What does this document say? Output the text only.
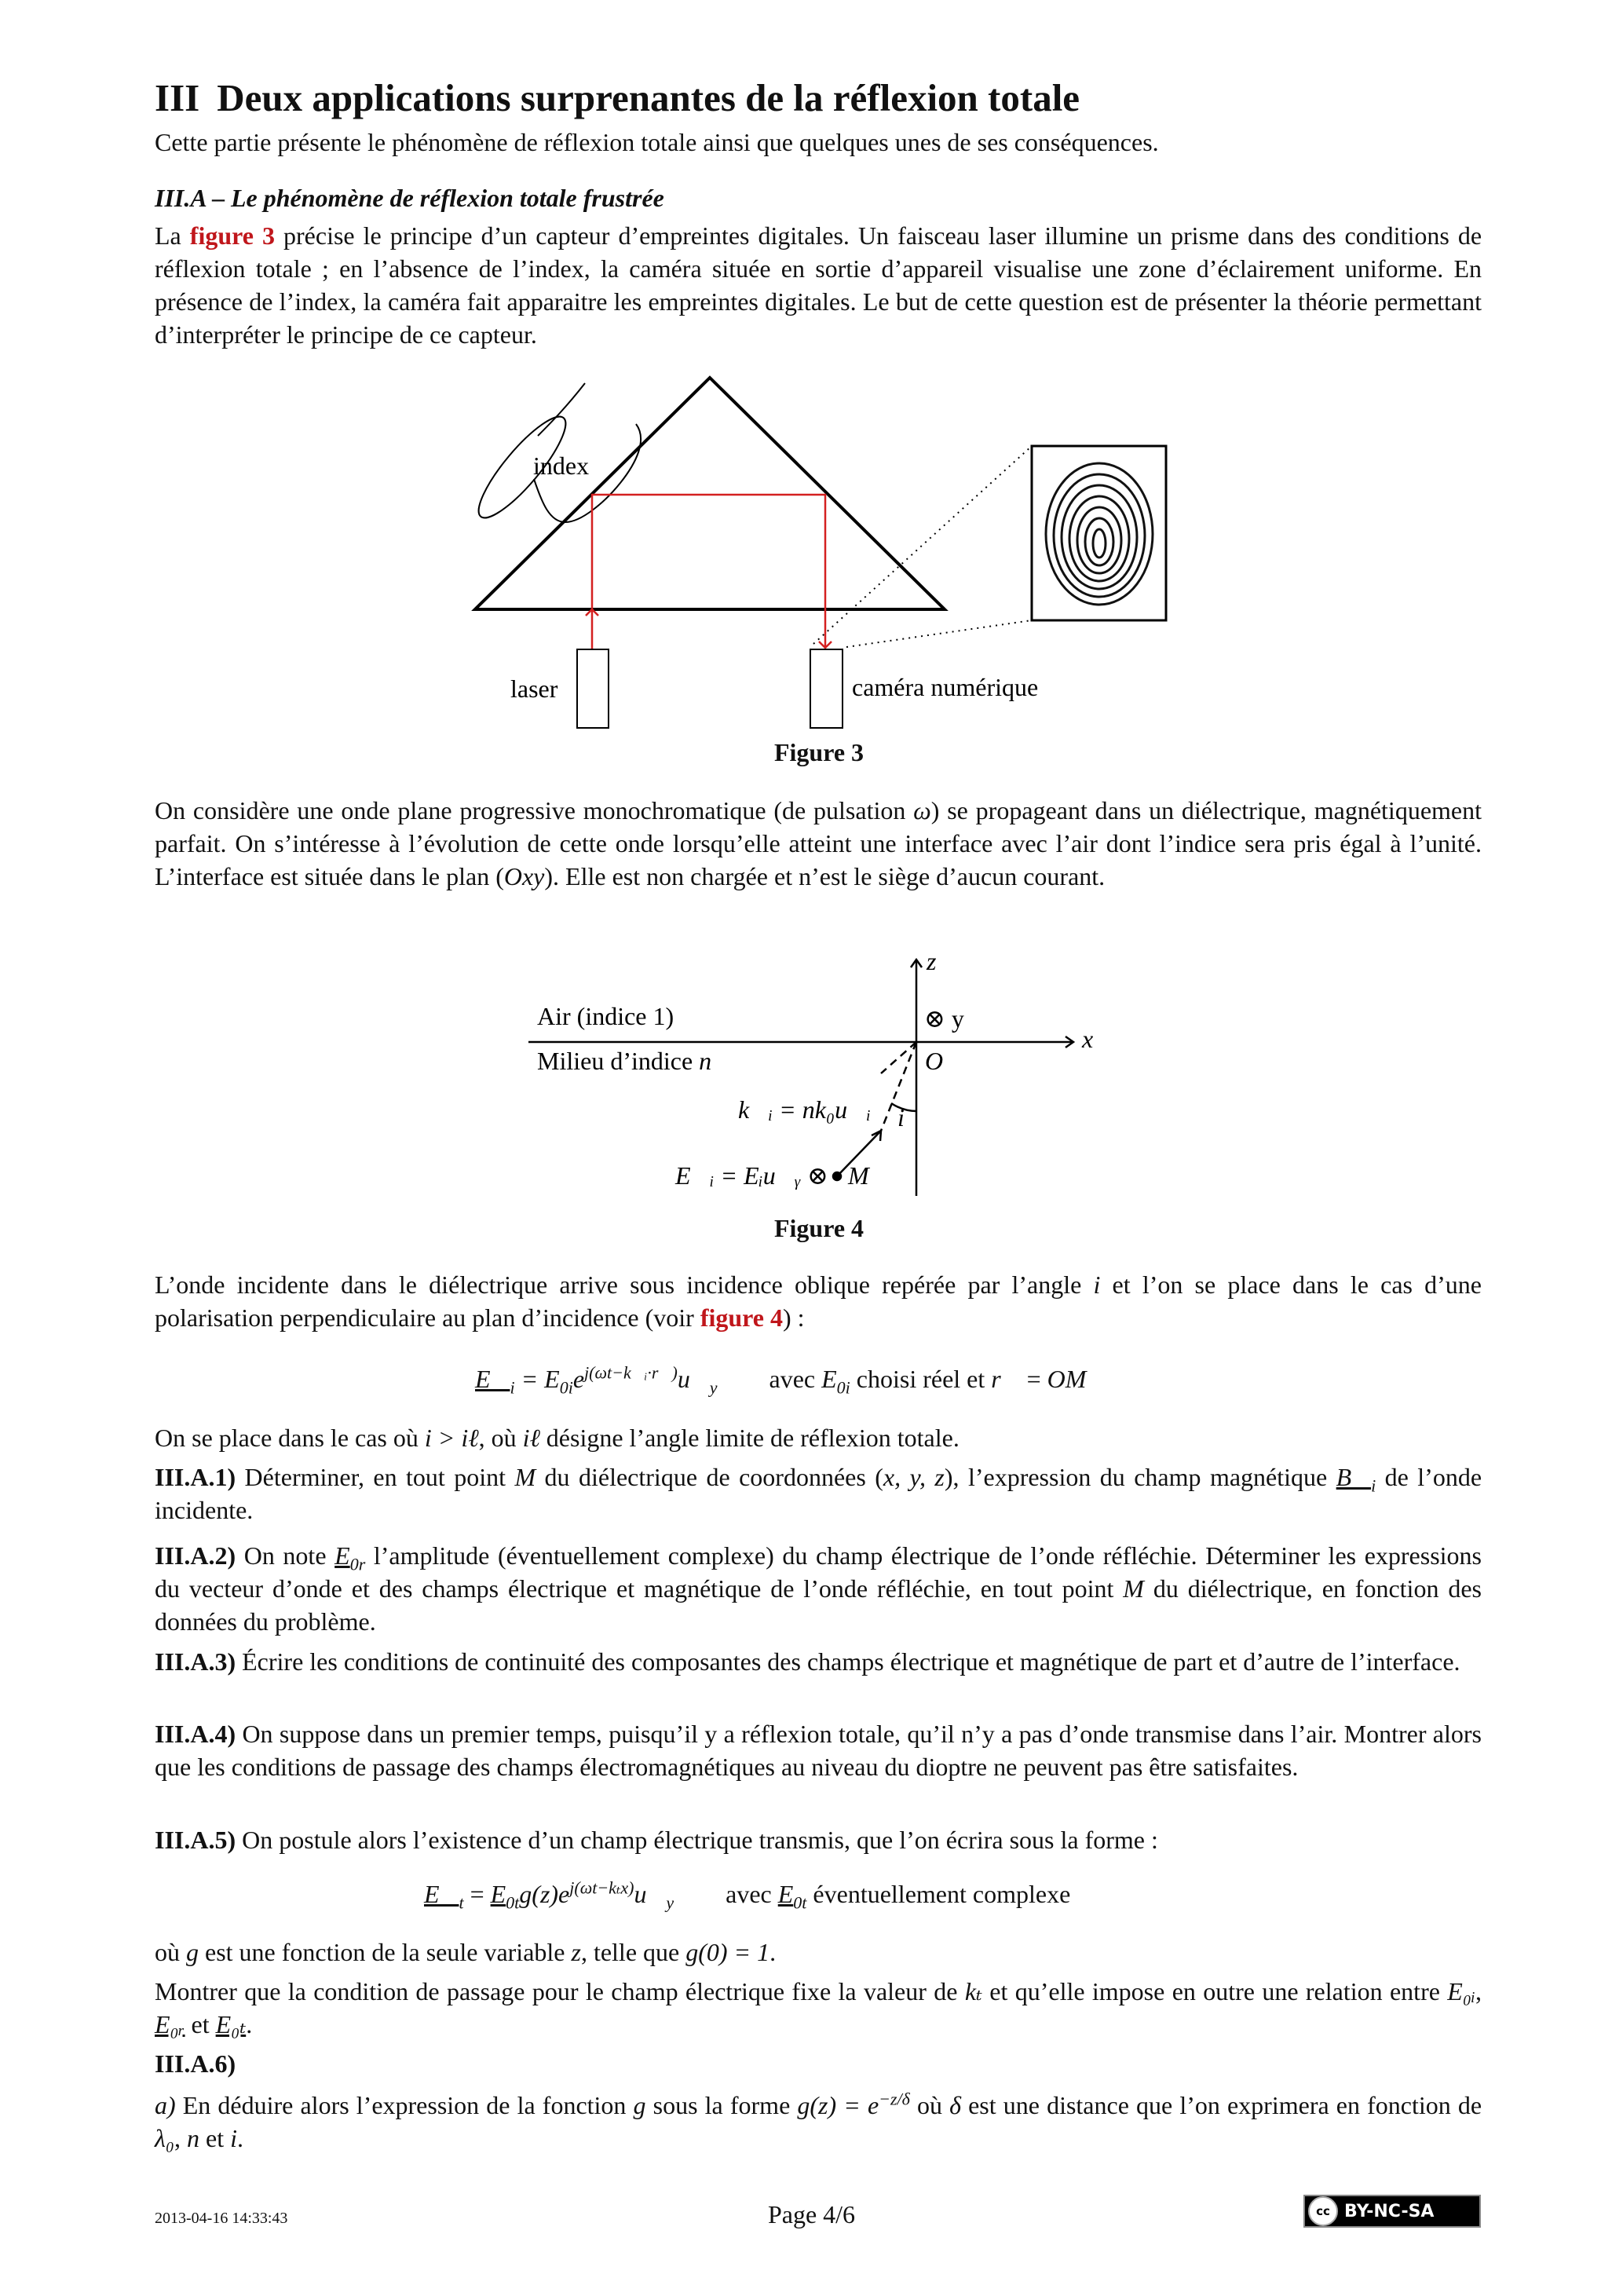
III Deux applications surprenantes de la réflexion totale
Cette partie présente le phénomène de réflexion totale ainsi que quelques unes de ses conséquences.
III.A – Le phénomène de réflexion totale frustrée
La figure 3 précise le principe d’un capteur d’empreintes digitales. Un faisceau laser illumine un prisme dans des conditions de réflexion totale ; en l’absence de l’index, la caméra située en sortie d’appareil visualise une zone d’éclairement uniforme. En présence de l’index, la caméra fait apparaitre les empreintes digitales. Le but de cette question est de présenter la théorie permettant d’interpréter le principe de ce capteur.
index
laser	caméra numérique
Figure 3
On considère une onde plane progressive monochromatique (de pulsation ω) se propageant dans un diélectrique, magnétiquement parfait. On s’intéresse à l’évolution de cette onde lorsqu’elle atteint une interface avec l’air dont l’indice sera pris égal à l’unité. L’interface est située dans le plan (Oxy). Elle est non chargée et n’est le siège d’aucun courant.
z
⊗ y
x
O
Air (indice 1)
Milieu d’indice n
i
k⃗ᵢ = nk₀u⃗ᵢ
E⃗ᵢ = Eᵢu⃗ᵧ ⊗ M
Figure 4
L’onde incidente dans le diélectrique arrive sous incidence oblique repérée par l’angle i et l’on se place dans le cas d’une polarisation perpendiculaire au plan d’incidence (voir figure 4) :
$E⃗_i$ = $E_{0i}e^{j(\omega t-k⃗ᵢ\cdot r⃗)}u⃗_y$ avec $E_{0i}$ choisi réel et r⃗ = OM⃗
On se place dans le cas où i > iℓ, où iℓ désigne l’angle limite de réflexion totale.
III.A.1) Déterminer, en tout point M du diélectrique de coordonnées (x, y, z), l’expression du champ magnétique $B⃗_i$ de l’onde incidente.
III.A.2) On note $E_{0r}$ l’amplitude (éventuellement complexe) du champ électrique de l’onde réfléchie. Déterminer les expressions du vecteur d’onde et des champs électrique et magnétique de l’onde réfléchie, en tout point M du diélectrique, en fonction des données du problème.
III.A.3) Écrire les conditions de continuité des composantes des champs électrique et magnétique de part et d’autre de l’interface.
III.A.4) On suppose dans un premier temps, puisqu’il y a réflexion totale, qu’il n’y a pas d’onde transmise dans l’air. Montrer alors que les conditions de passage des champs électromagnétiques au niveau du dioptre ne peuvent pas être satisfaites.
III.A.5) On postule alors l’existence d’un champ électrique transmis, que l’on écrira sous la forme :
$E⃗_t$ = $E_{0t}g(z)e^{j(\omega t-k_tx)}u⃗_y$ avec $E_{0t}$ éventuellement complexe
où g est une fonction de la seule variable z, telle que g(0) = 1.
Montrer que la condition de passage pour le champ électrique fixe la valeur de kₜ et qu’elle impose en outre une relation entre E₀ᵢ, E₀ᵣ et E₀ₜ.
III.A.6)
a) En déduire alors l’expression de la fonction g sous la forme $g(z) = e^{-z/\delta}$ où δ est une distance que l’on exprimera en fonction de λ₀, n et i.
2013-04-16 14:33:43	Page 4/6	cc BY-NC-SA
